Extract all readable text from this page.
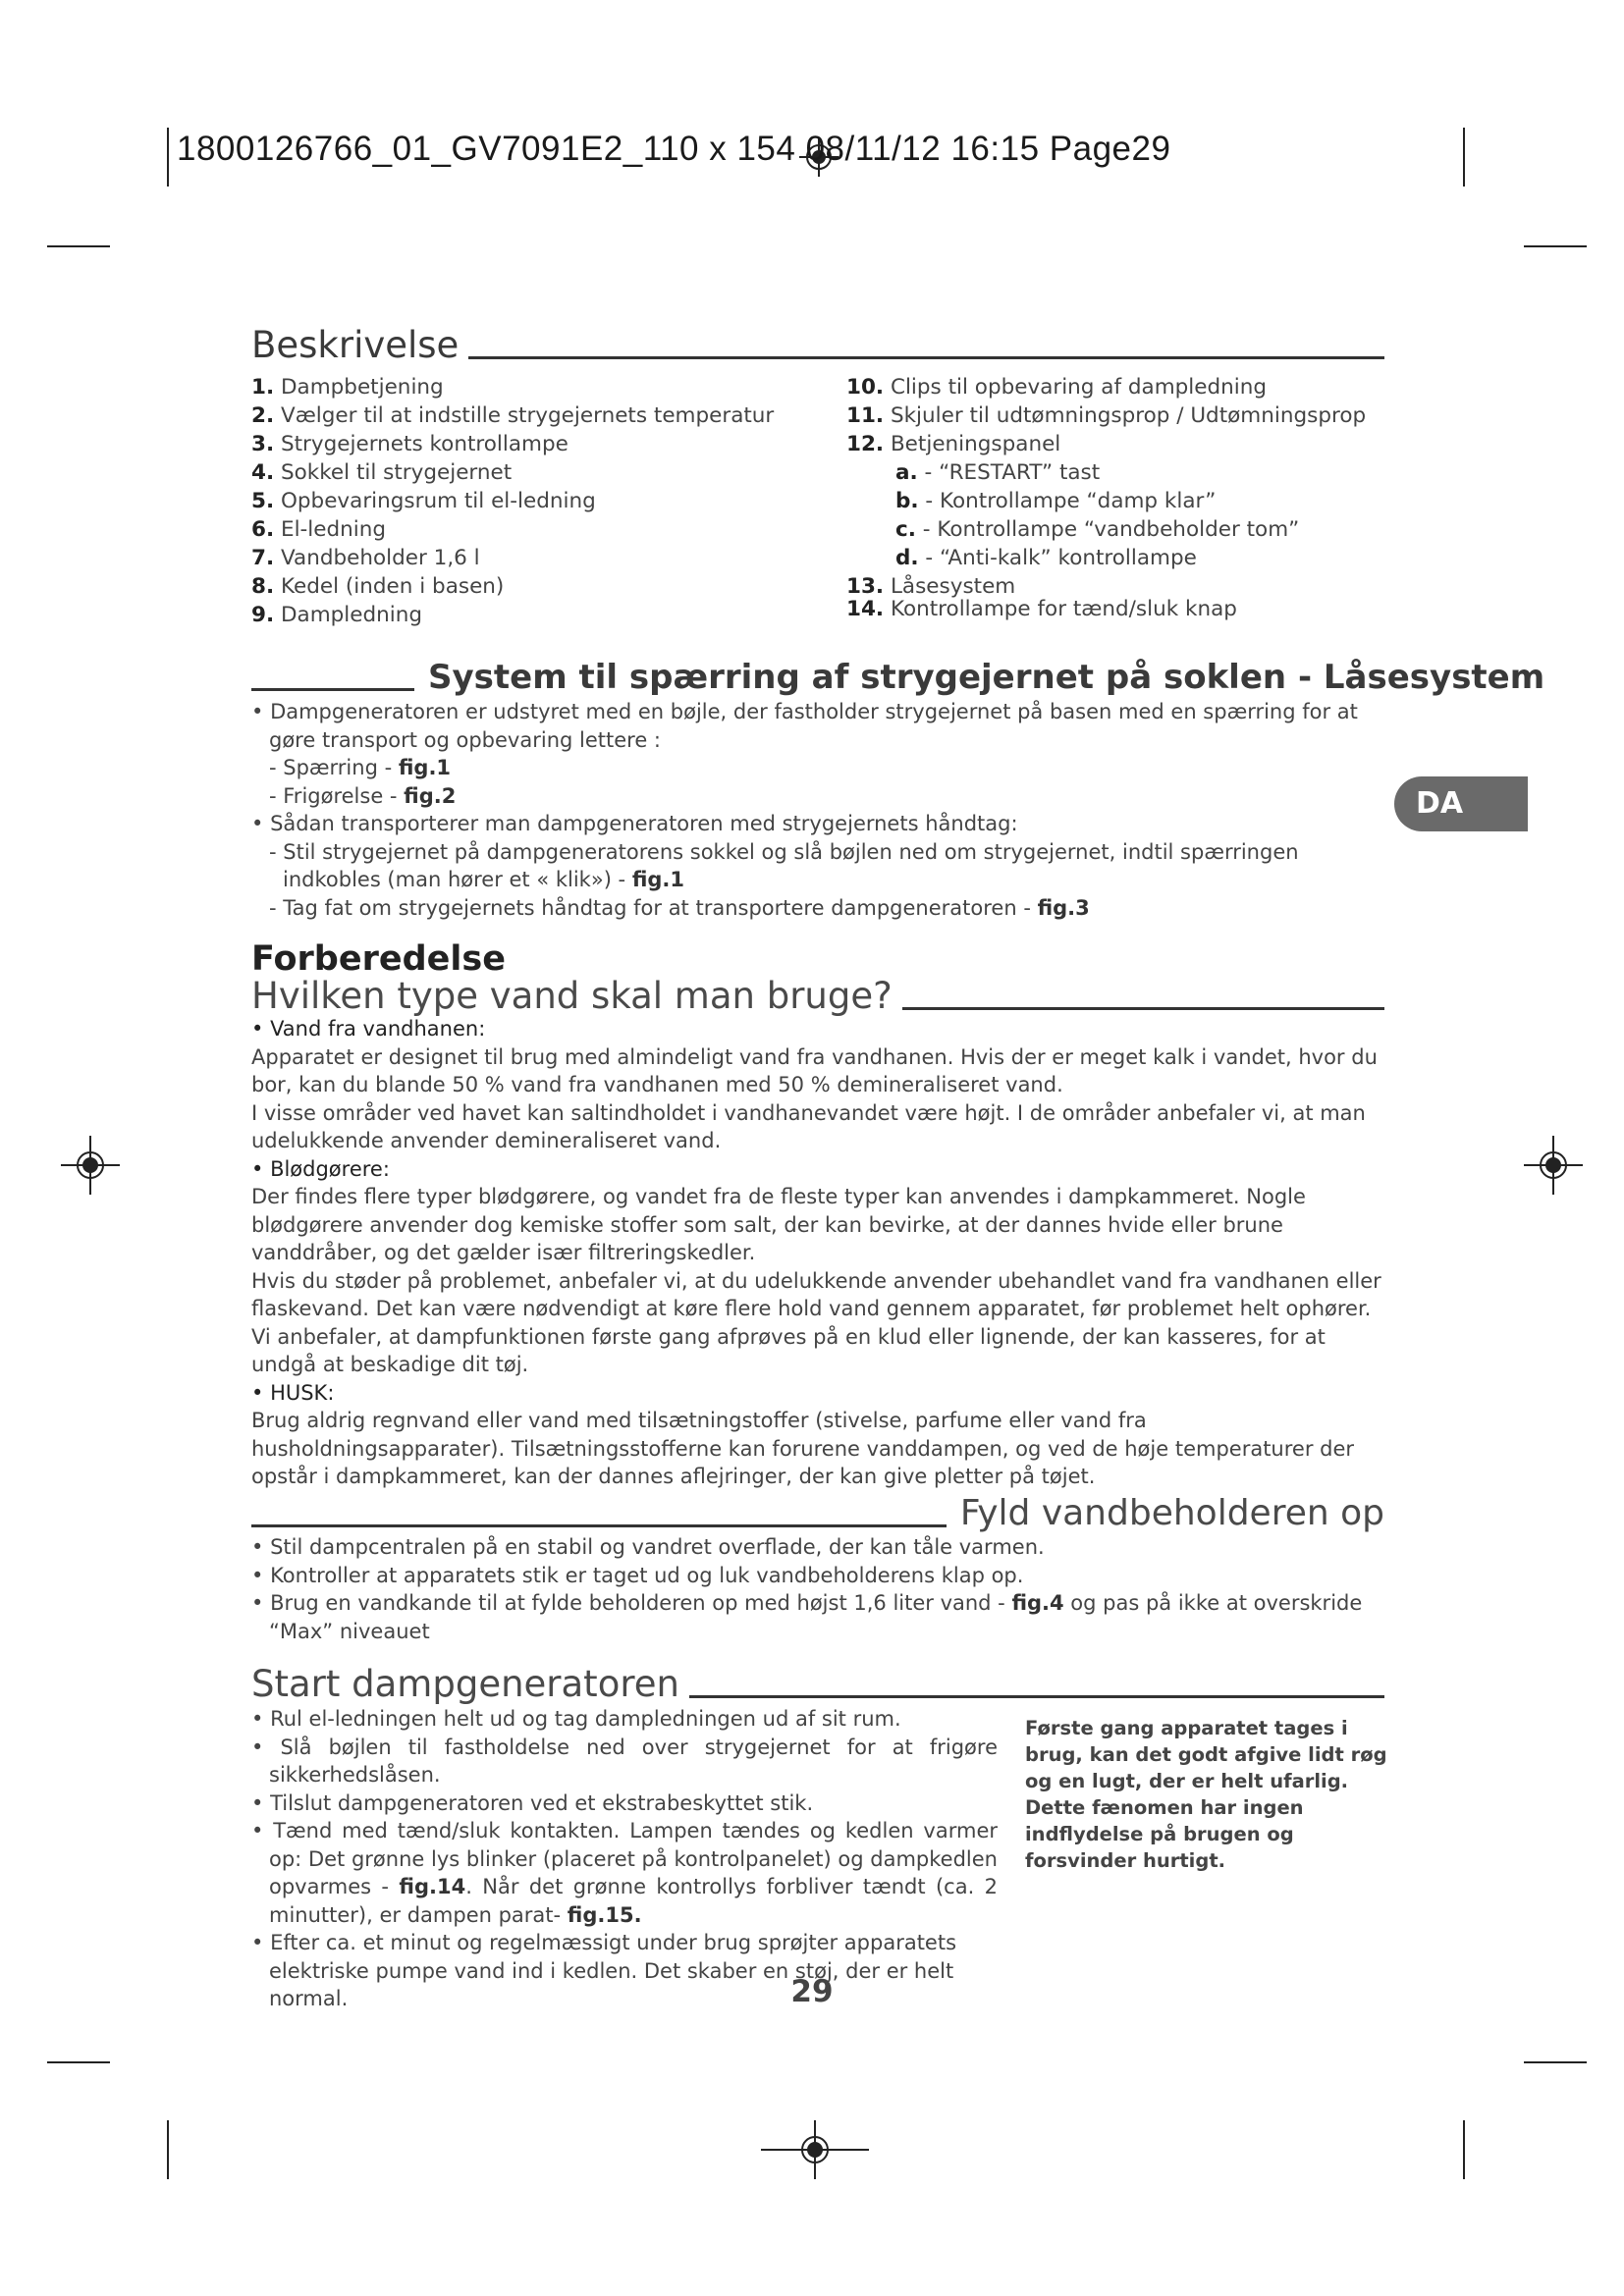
1800126766_01_GV7091E2_110 x 154 08/11/12 16:15 Page29
DA
Beskrivelse
1. Dampbetjening
2. Vælger til at indstille strygejernets temperatur
3. Strygejernets kontrollampe
4. Sokkel til strygejernet
5. Opbevaringsrum til el-ledning
6. El-ledning
7. Vandbeholder 1,6 l
8. Kedel (inden i basen)
9. Dampledning
10. Clips til opbevaring af dampledning
11. Skjuler til udtømningsprop / Udtømningsprop
12. Betjeningspanel
a. - “RESTART” tast
b. - Kontrollampe “damp klar”
c. - Kontrollampe “vandbeholder tom”
d. - “Anti-kalk” kontrollampe
13. Låsesystem
14. Kontrollampe for tænd/sluk knap
System til spærring af strygejernet på soklen - Låsesystem
• Dampgeneratoren er udstyret med en bøjle, der fastholder strygejernet på basen med en spærring for at gøre transport og opbevaring lettere :
- Spærring - fig.1
- Frigørelse - fig.2
• Sådan transporterer man dampgeneratoren med strygejernets håndtag:
- Stil strygejernet på dampgeneratorens sokkel og slå bøjlen ned om strygejernet, indtil spærringen indkobles (man hører et « klik») - fig.1
- Tag fat om strygejernets håndtag for at transportere dampgeneratoren - fig.3
Forberedelse
Hvilken type vand skal man bruge?
• Vand fra vandhanen:
Apparatet er designet til brug med almindeligt vand fra vandhanen. Hvis der er meget kalk i vandet, hvor du bor, kan du blande 50 % vand fra vandhanen med 50 % demineraliseret vand.
I visse områder ved havet kan saltindholdet i vandhanevandet være højt. I de områder anbefaler vi, at man udelukkende anvender demineraliseret vand.
• Blødgørere:
Der findes flere typer blødgørere, og vandet fra de fleste typer kan anvendes i dampkammeret. Nogle blødgørere anvender dog kemiske stoffer som salt, der kan bevirke, at der dannes hvide eller brune vanddråber, og det gælder især filtreringskedler.
Hvis du støder på problemet, anbefaler vi, at du udelukkende anvender ubehandlet vand fra vandhanen eller flaskevand. Det kan være nødvendigt at køre flere hold vand gennem apparatet, før problemet helt ophører. Vi anbefaler, at dampfunktionen første gang afprøves på en klud eller lignende, der kan kasseres, for at undgå at beskadige dit tøj.
• HUSK:
Brug aldrig regnvand eller vand med tilsætningstoffer (stivelse, parfume eller vand fra husholdningsapparater). Tilsætningsstofferne kan forurene vanddampen, og ved de høje temperaturer der opstår i dampkammeret, kan der dannes aflejringer, der kan give pletter på tøjet.
Fyld vandbeholderen op
• Stil dampcentralen på en stabil og vandret overflade, der kan tåle varmen.
• Kontroller at apparatets stik er taget ud og luk vandbeholderens klap op.
• Brug en vandkande til at fylde beholderen op med højst 1,6 liter vand - fig.4 og pas på ikke at overskride “Max” niveauet
Start dampgeneratoren
• Rul el-ledningen helt ud og tag dampledningen ud af sit rum.
• Slå bøjlen til fastholdelse ned over strygejernet for at frigøre sikkerhedslåsen.
• Tilslut dampgeneratoren ved et ekstrabeskyttet stik.
• Tænd med tænd/sluk kontakten. Lampen tændes og kedlen varmer op: Det grønne lys blinker (placeret på kontrolpanelet) og dampkedlen opvarmes - fig.14. Når det grønne kontrollys forbliver tændt (ca. 2 minutter), er dampen parat- fig.15.
• Efter ca. et minut og regelmæssigt under brug sprøjter apparatets elektriske pumpe vand ind i kedlen. Det skaber en støj, der er helt normal.
Første gang apparatet tages i brug, kan det godt afgive lidt røg og en lugt, der er helt ufarlig. Dette fænomen har ingen indflydelse på brugen og forsvinder hurtigt.
29
